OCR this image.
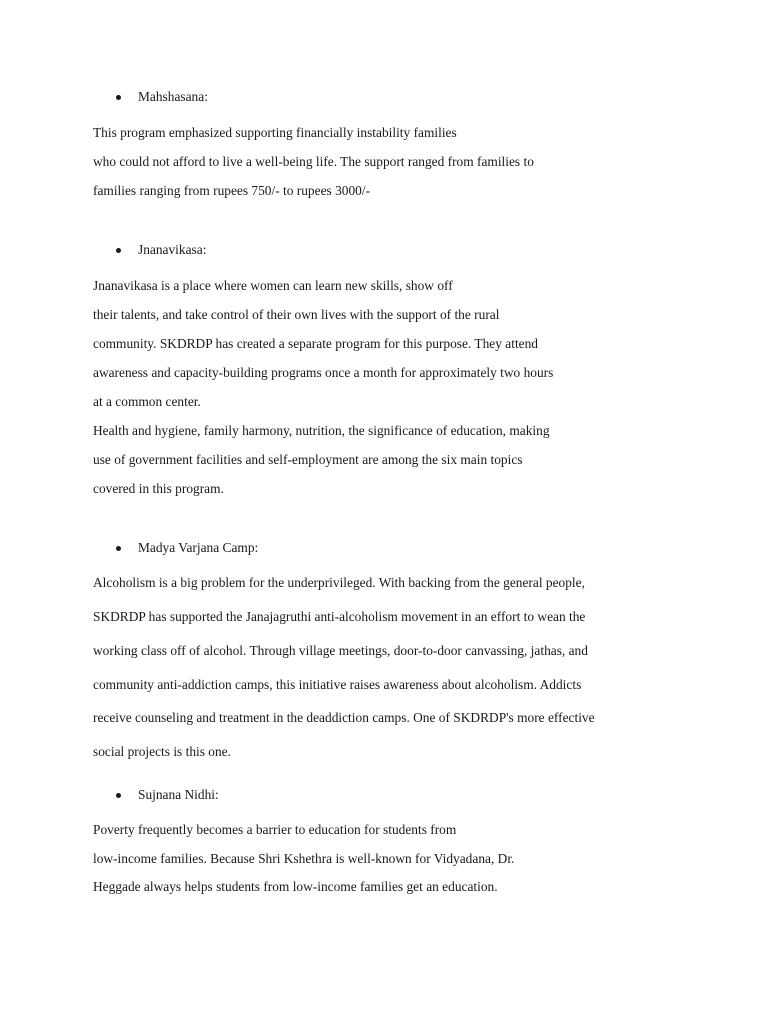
Mahshasana:
This program emphasized supporting financially instability families
who could not afford to live a well-being life. The support ranged from families to
families ranging from rupees 750/- to rupees 3000/-
Jnanavikasa:
Jnanavikasa is a place where women can learn new skills, show off
their talents, and take control of their own lives with the support of the rural
community. SKDRDP has created a separate program for this purpose. They attend
awareness and capacity-building programs once a month for approximately two hours
at a common center.
Health and hygiene, family harmony, nutrition, the significance of education, making
use of government facilities and self-employment are among the six main topics
covered in this program.
Madya Varjana Camp:
Alcoholism is a big problem for the underprivileged. With backing from the general people,
SKDRDP has supported the Janajagruthi anti-alcoholism movement in an effort to wean the
working class off of alcohol. Through village meetings, door-to-door canvassing, jathas, and
community anti-addiction camps, this initiative raises awareness about alcoholism. Addicts
receive counseling and treatment in the deaddiction camps. One of SKDRDP's more effective
social projects is this one.
Sujnana Nidhi:
Poverty frequently becomes a barrier to education for students from
low-income families. Because Shri Kshethra is well-known for Vidyadana, Dr.
Heggade always helps students from low-income families get an education.
